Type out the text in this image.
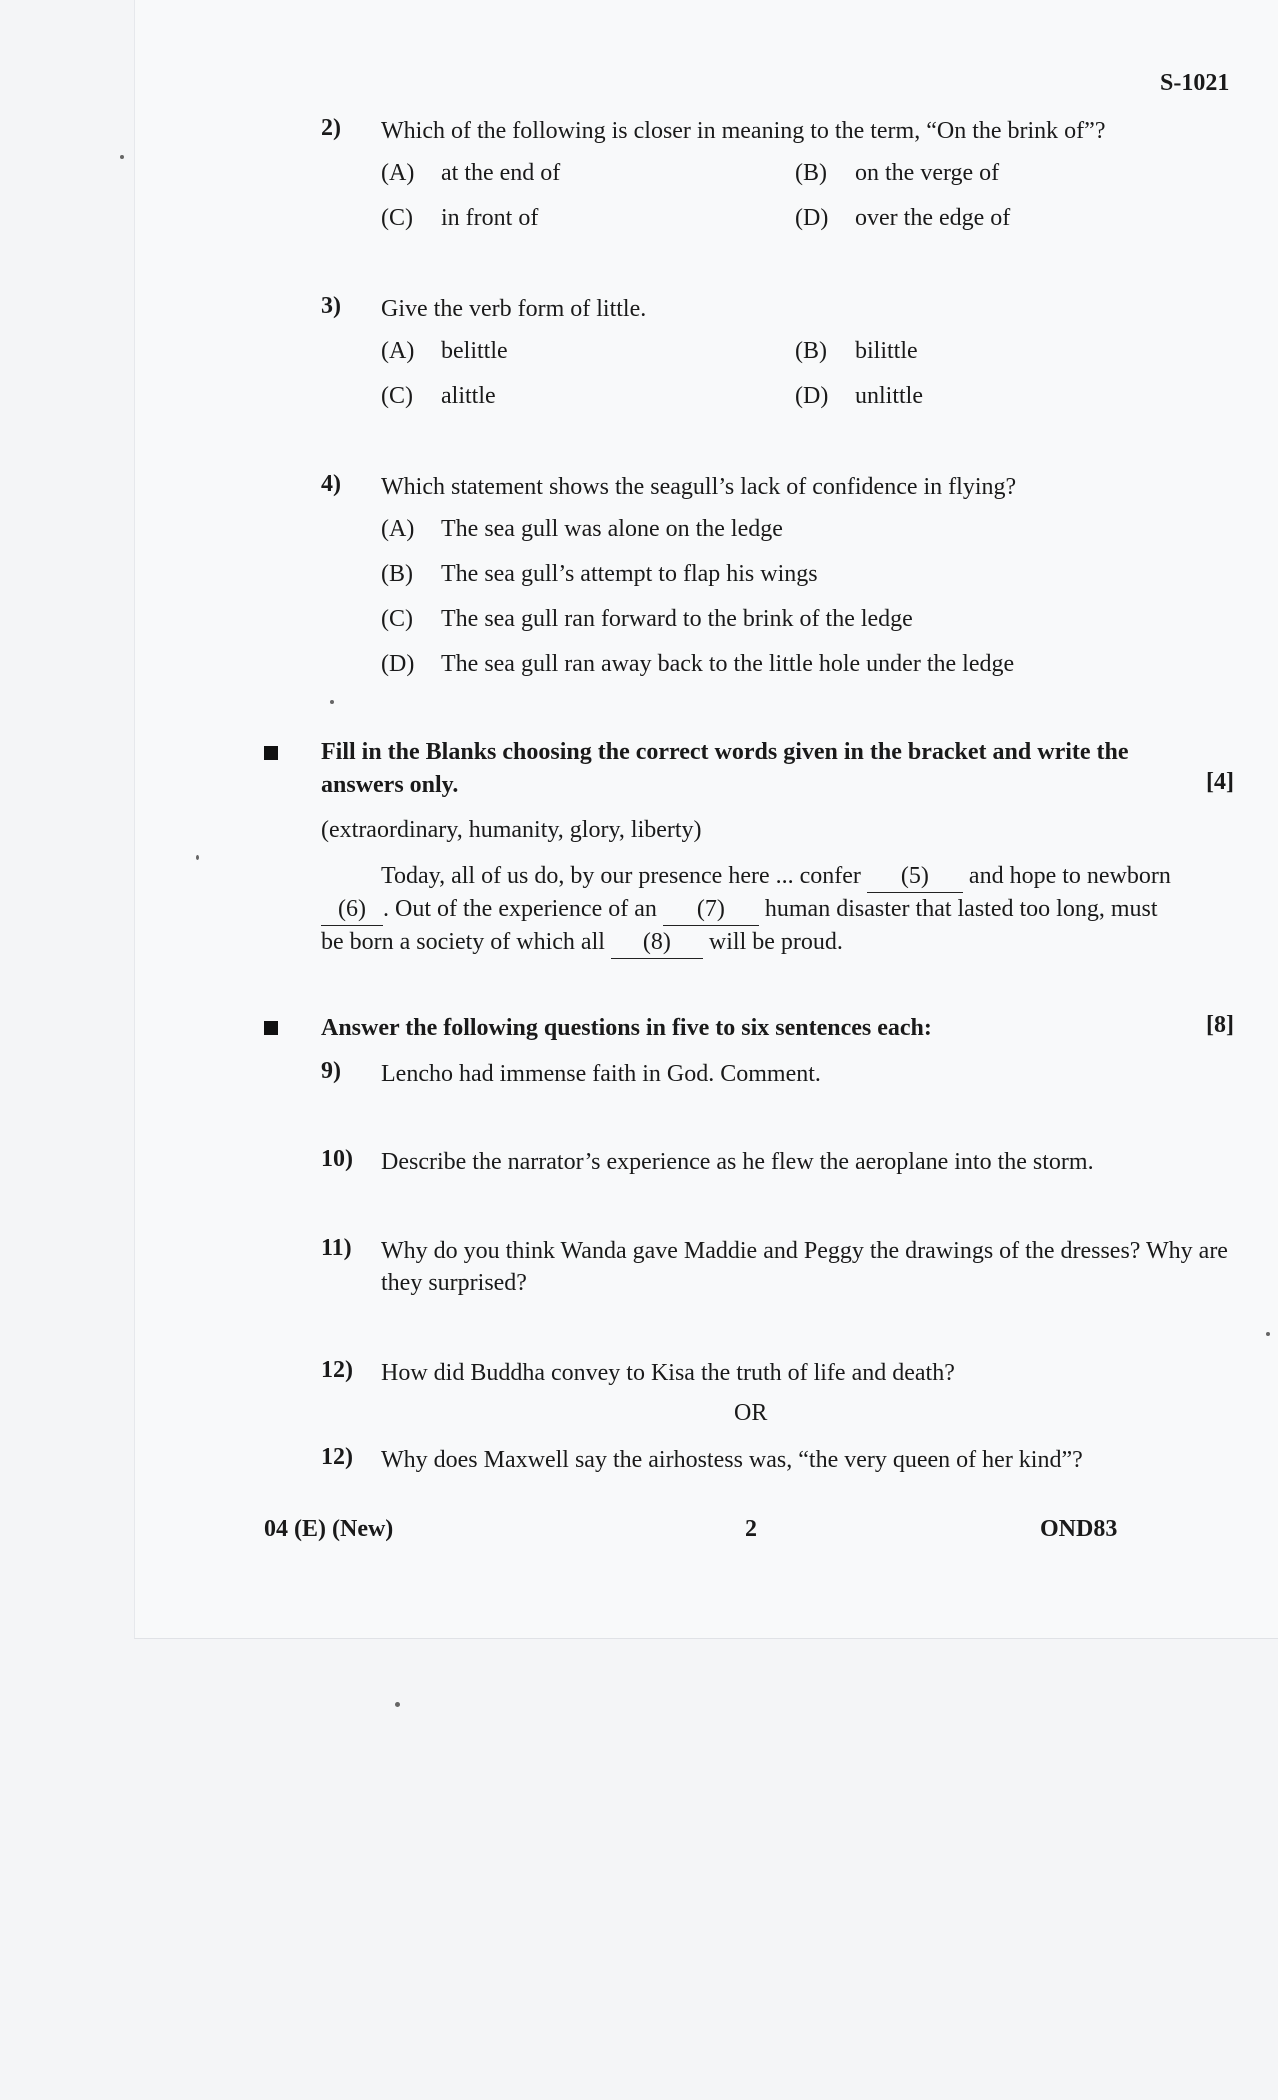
S-1021
2) Which of the following is closer in meaning to the term, “On the brink of”?
(A) at the end of	(B) on the verge of
(C) in front of	(D) over the edge of
3) Give the verb form of little.
(A) belittle	(B) bilittle
(C) alittle	(D) unlittle
4) Which statement shows the seagull’s lack of confidence in flying?
(A) The sea gull was alone on the ledge
(B) The sea gull’s attempt to flap his wings
(C) The sea gull ran forward to the brink of the ledge
(D) The sea gull ran away back to the little hole under the ledge
Fill in the Blanks choosing the correct words given in the bracket and write the
answers only.	[4]
(extraordinary, humanity, glory, liberty)
Today, all of us do, by our presence here ... confer (5) and hope to newborn
(6) . Out of the experience of an (7) human disaster that lasted too long, must
be born a society of which all (8) will be proud.
Answer the following questions in five to six sentences each:	[8]
9) Lencho had immense faith in God. Comment.
10) Describe the narrator’s experience as he flew the aeroplane into the storm.
11) Why do you think Wanda gave Maddie and Peggy the drawings of the dresses? Why are they surprised?
12) How did Buddha convey to Kisa the truth of life and death?
OR
12) Why does Maxwell say the airhostess was, “the very queen of her kind”?
04 (E) (New)	2	OND83
